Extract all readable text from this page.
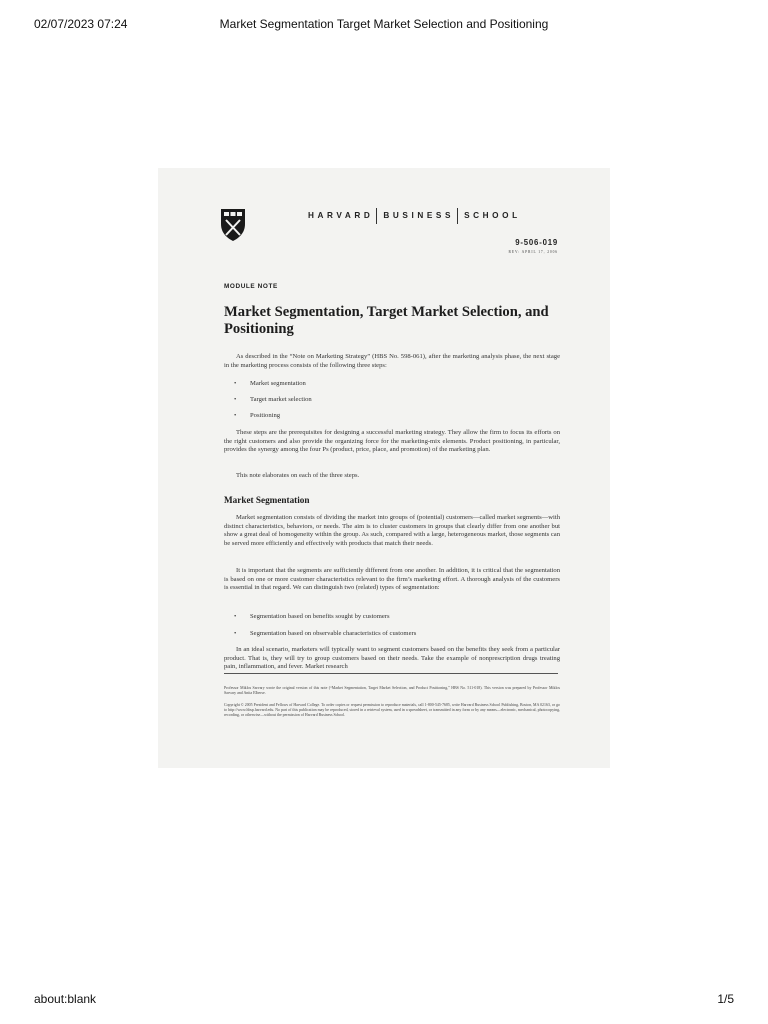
02/07/2023 07:24	Market Segmentation Target Market Selection and Positioning
HARVARD BUSINESS SCHOOL
9-506-019
REV: APRIL 17, 2006
MODULE NOTE
Market Segmentation, Target Market Selection, and Positioning
As described in the “Note on Marketing Strategy” (HBS No. 598-061), after the marketing analysis phase, the next stage in the marketing process consists of the following three steps:
• Market segmentation
• Target market selection
• Positioning
These steps are the prerequisites for designing a successful marketing strategy. They allow the firm to focus its efforts on the right customers and also provide the organizing force for the marketing-mix elements. Product positioning, in particular, provides the synergy among the four Ps (product, price, place, and promotion) of the marketing plan.
This note elaborates on each of the three steps.
Market Segmentation
Market segmentation consists of dividing the market into groups of (potential) customers—called market segments—with distinct characteristics, behaviors, or needs. The aim is to cluster customers in groups that clearly differ from one another but show a great deal of homogeneity within the group. As such, compared with a large, heterogeneous market, those segments can be served more efficiently and effectively with products that match their needs.
It is important that the segments are sufficiently different from one another. In addition, it is critical that the segmentation is based on one or more customer characteristics relevant to the firm’s marketing effort. A thorough analysis of the customers is essential in that regard. We can distinguish two (related) types of segmentation:
• Segmentation based on benefits sought by customers
• Segmentation based on observable characteristics of customers
In an ideal scenario, marketers will typically want to segment customers based on the benefits they seek from a particular product. That is, they will try to group customers based on their needs. Take the example of nonprescription drugs treating pain, inflammation, and fever. Market research
Professor Miklos Sarvary wrote the original version of this note (“Market Segmentation, Target Market Selection, and Product Positioning,” HBS No. 511-018). This version was prepared by Professor Miklos Sarvary and Anita Elberse.
Copyright © 2005 President and Fellows of Harvard College. To order copies or request permission to reproduce materials, call 1-800-545-7685, write Harvard Business School Publishing, Boston, MA 02163, or go to http://www.hbsp.harvard.edu. No part of this publication may be reproduced, stored in a retrieval system, used in a spreadsheet, or transmitted in any form or by any means—electronic, mechanical, photocopying, recording, or otherwise—without the permission of Harvard Business School.
about:blank	1/5
